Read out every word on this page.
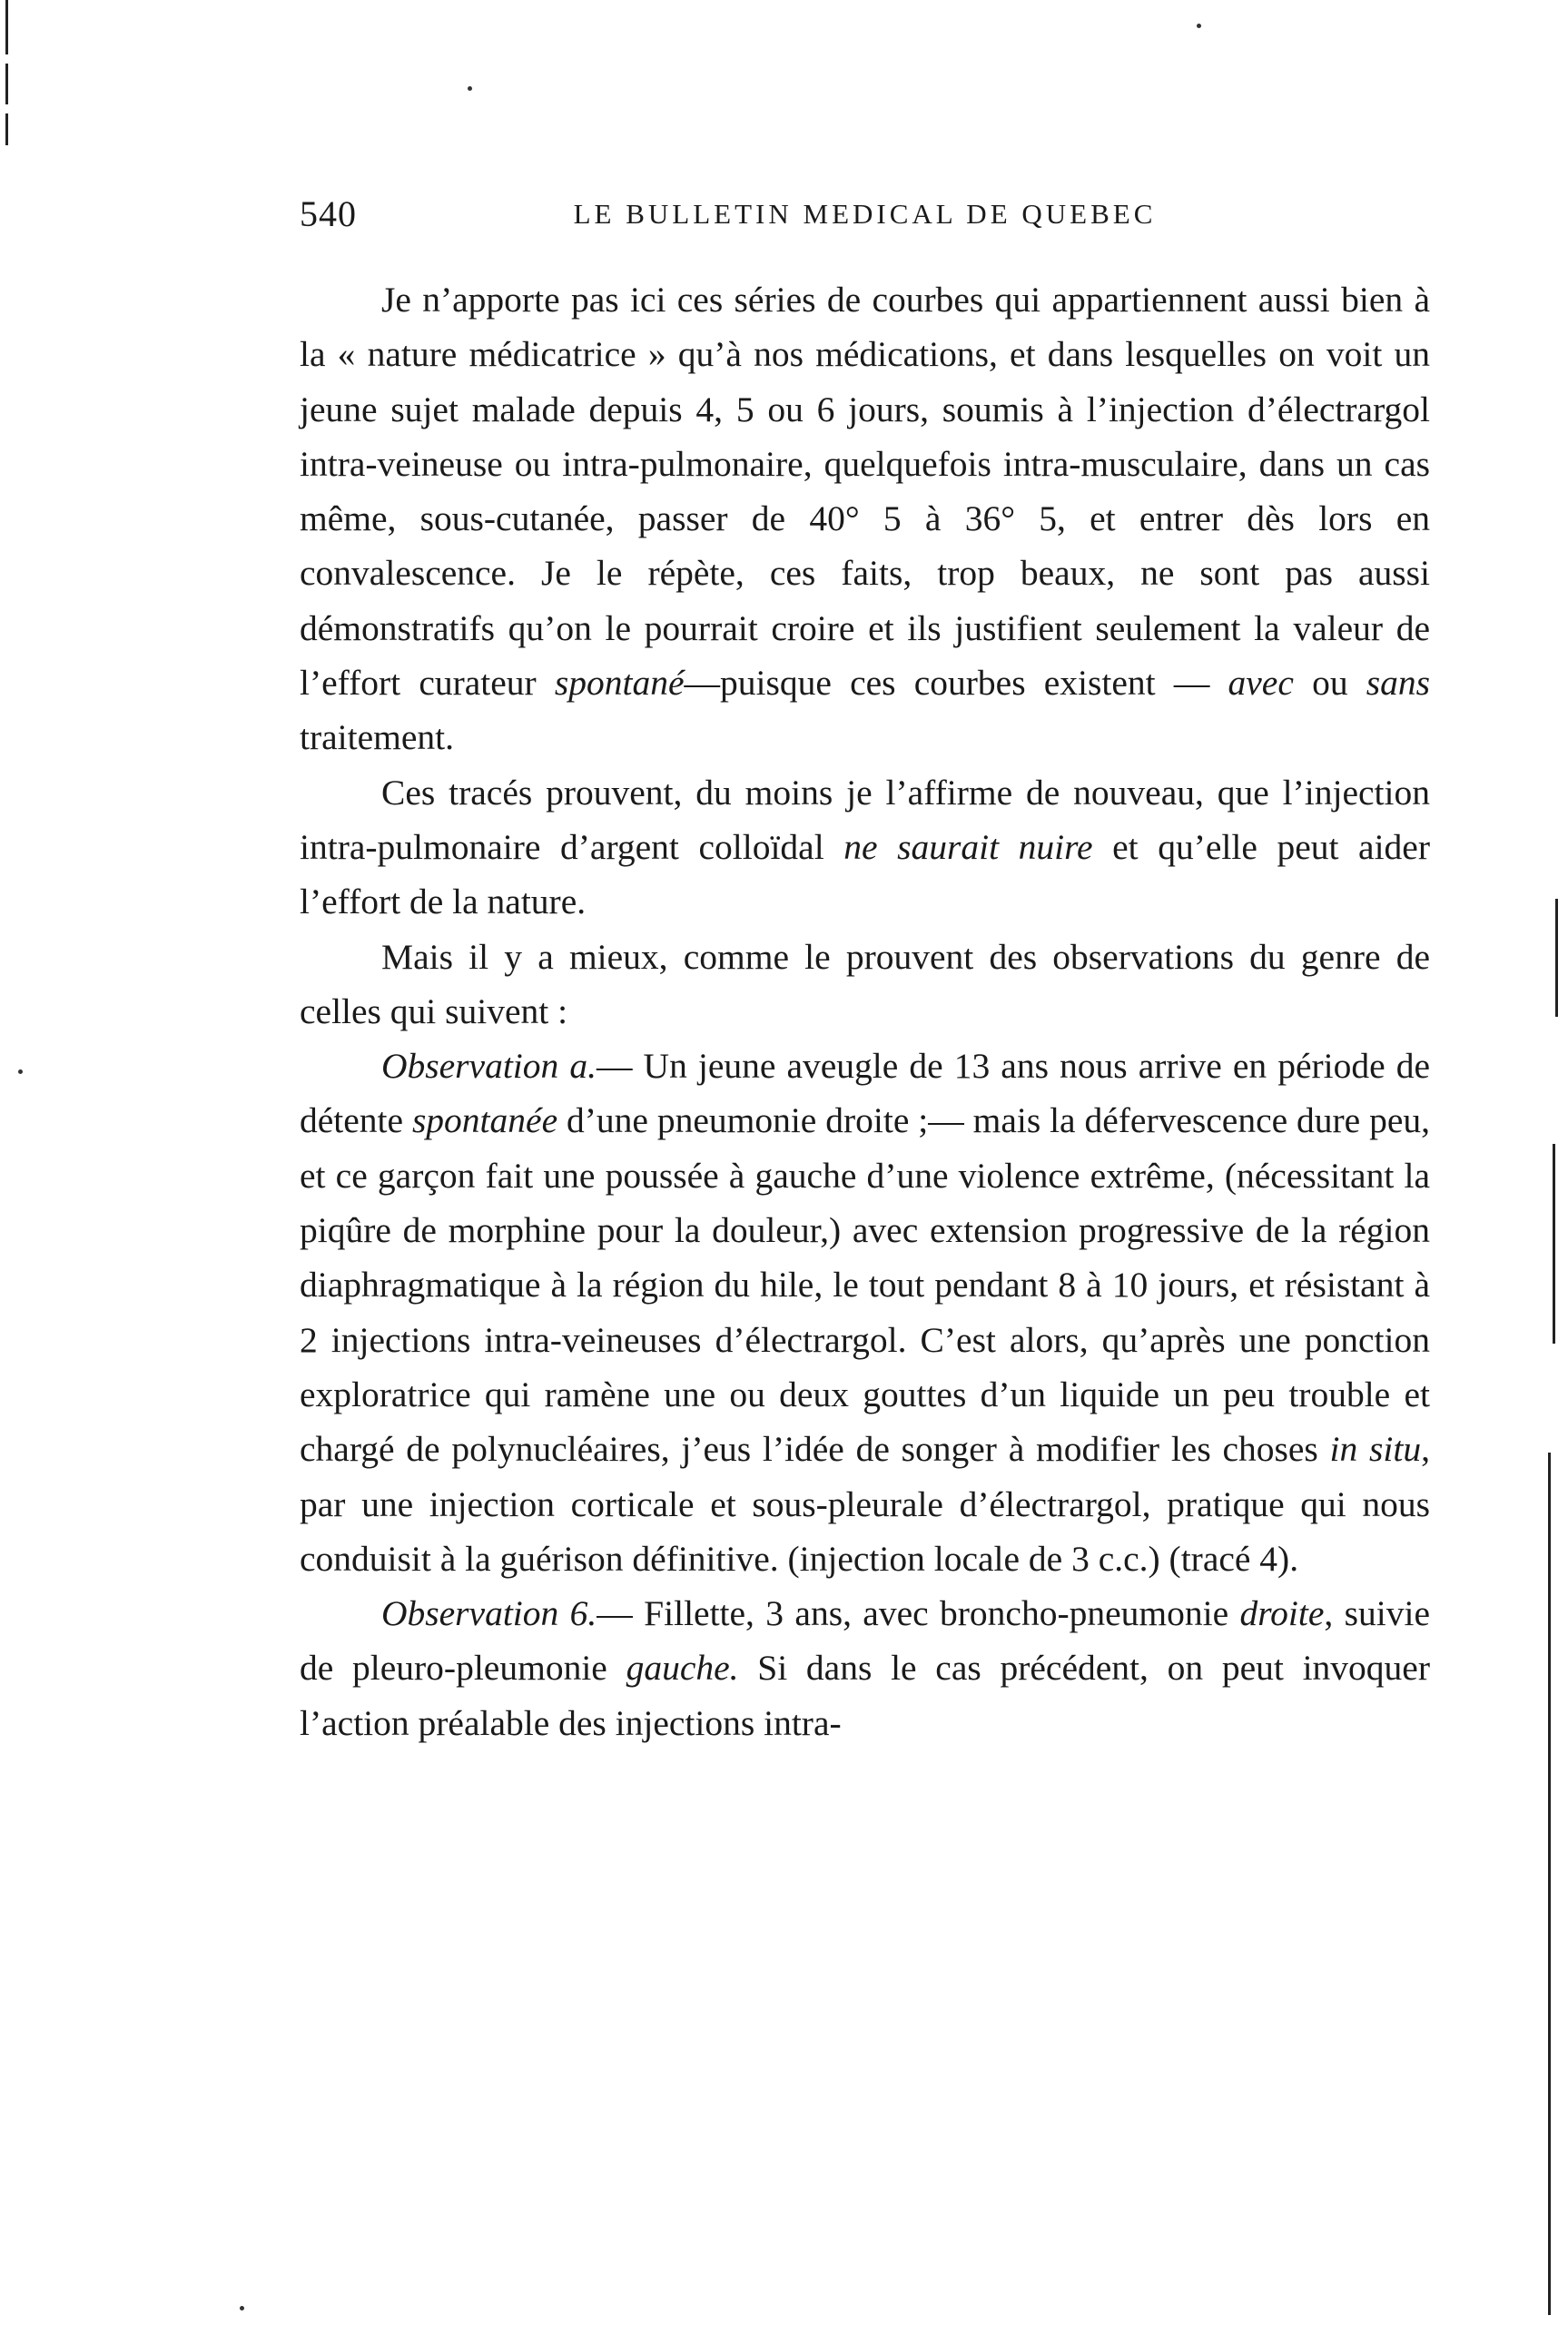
540	LE BULLETIN MEDICAL DE QUEBEC

Je n’apporte pas ici ces séries de courbes qui appartiennent aussi bien à la « nature médicatrice » qu’à nos médications, et dans lesquelles on voit un jeune sujet malade depuis 4, 5 ou 6 jours, soumis à l’injection d’électrargol intra-veineuse ou intra-pulmonaire, quelquefois intra-musculaire, dans un cas même, sous-cutanée, passer de 40° 5 à 36° 5, et entrer dès lors en convalescence. Je le répète, ces faits, trop beaux, ne sont pas aussi démonstratifs qu’on le pourrait croire et ils justifient seulement la valeur de l’effort curateur spontané—puisque ces courbes existent — avec ou sans traitement.

Ces tracés prouvent, du moins je l’affirme de nouveau, que l’injection intra-pulmonaire d’argent colloïdal ne saurait nuire et qu’elle peut aider l’effort de la nature.

Mais il y a mieux, comme le prouvent des observations du genre de celles qui suivent :

Observation a.— Un jeune aveugle de 13 ans nous arrive en période de détente spontanée d’une pneumonie droite ;— mais la défervescence dure peu, et ce garçon fait une poussée à gauche d’une violence extrême, (nécessitant la piqûre de morphine pour la douleur,) avec extension progressive de la région diaphragmatique à la région du hile, le tout pendant 8 à 10 jours, et résistant à 2 injections intra-veineuses d’électrargol. C’est alors, qu’après une ponction exploratrice qui ramène une ou deux gouttes d’un liquide un peu trouble et chargé de polynucléaires, j’eus l’idée de songer à modifier les choses in situ, par une injection corticale et sous-pleurale d’électrargol, pratique qui nous conduisit à la guérison définitive. (injection locale de 3 c.c.) (tracé 4).

Observation 6.— Fillette, 3 ans, avec broncho-pneumonie droite, suivie de pleuro-pleumonie gauche. Si dans le cas précédent, on peut invoquer l’action préalable des injections intra-
